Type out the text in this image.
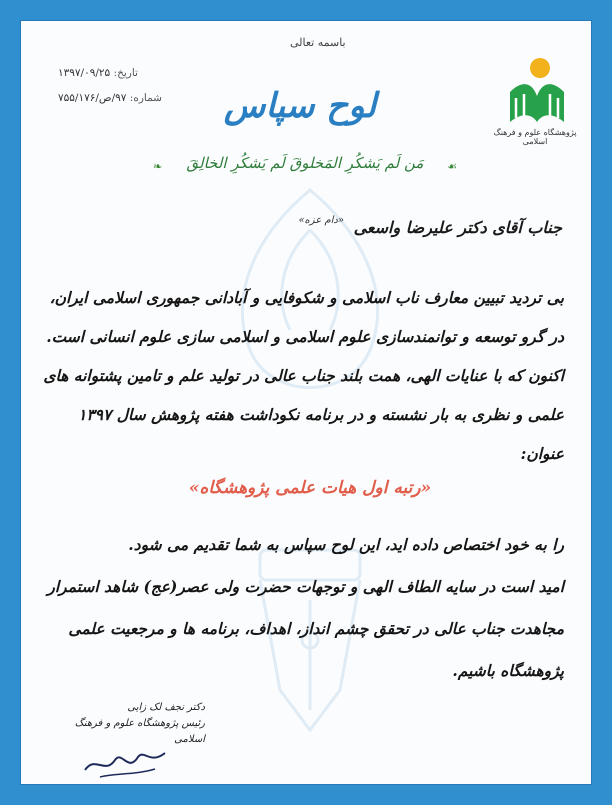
باسمه تعالی
تاریخ: ۱۳۹۷/۰۹/۲۵
شماره: ۹۷/ص/۷۵۵/۱۷۶
پژوهشگاه علوم و فرهنگ اسلامی
لوح سپاس
❧ مَن لَم یَشکُرِ المَخلوقَ لَم یَشکُرِ الخالِقَ ☙
جناب آقای دکتر علیرضا واسعی $^{«دام عزه»}$
بی تردید تبیین معارف ناب اسلامی و شکوفایی و آبادانی جمهوری اسلامی ایران، در گرو توسعه و توانمندسازی علوم اسلامی و اسلامی سازی علوم انسانی است. اکنون که با عنایات الهی، همت بلند جناب عالی در تولید علم و تامین پشتوانه های علمی و نظری به بار نشسته و در برنامه نکوداشت هفته پژوهش سال ۱۳۹۷ عنوان:
«رتبه اول هیات علمی پژوهشگاه»

را به خود اختصاص داده اید، این لوح سپاس به شما تقدیم می شود.

امید است در سایه الطاف الهی و توجهات حضرت ولی عصر(عج) شاهد استمرار مجاهدت جناب عالی در تحقق چشم انداز، اهداف، برنامه ها و مرجعیت علمی پژوهشگاه باشیم.

دکتر نجف لک زایی
رئیس پژوهشگاه علوم و فرهنگ اسلامی
